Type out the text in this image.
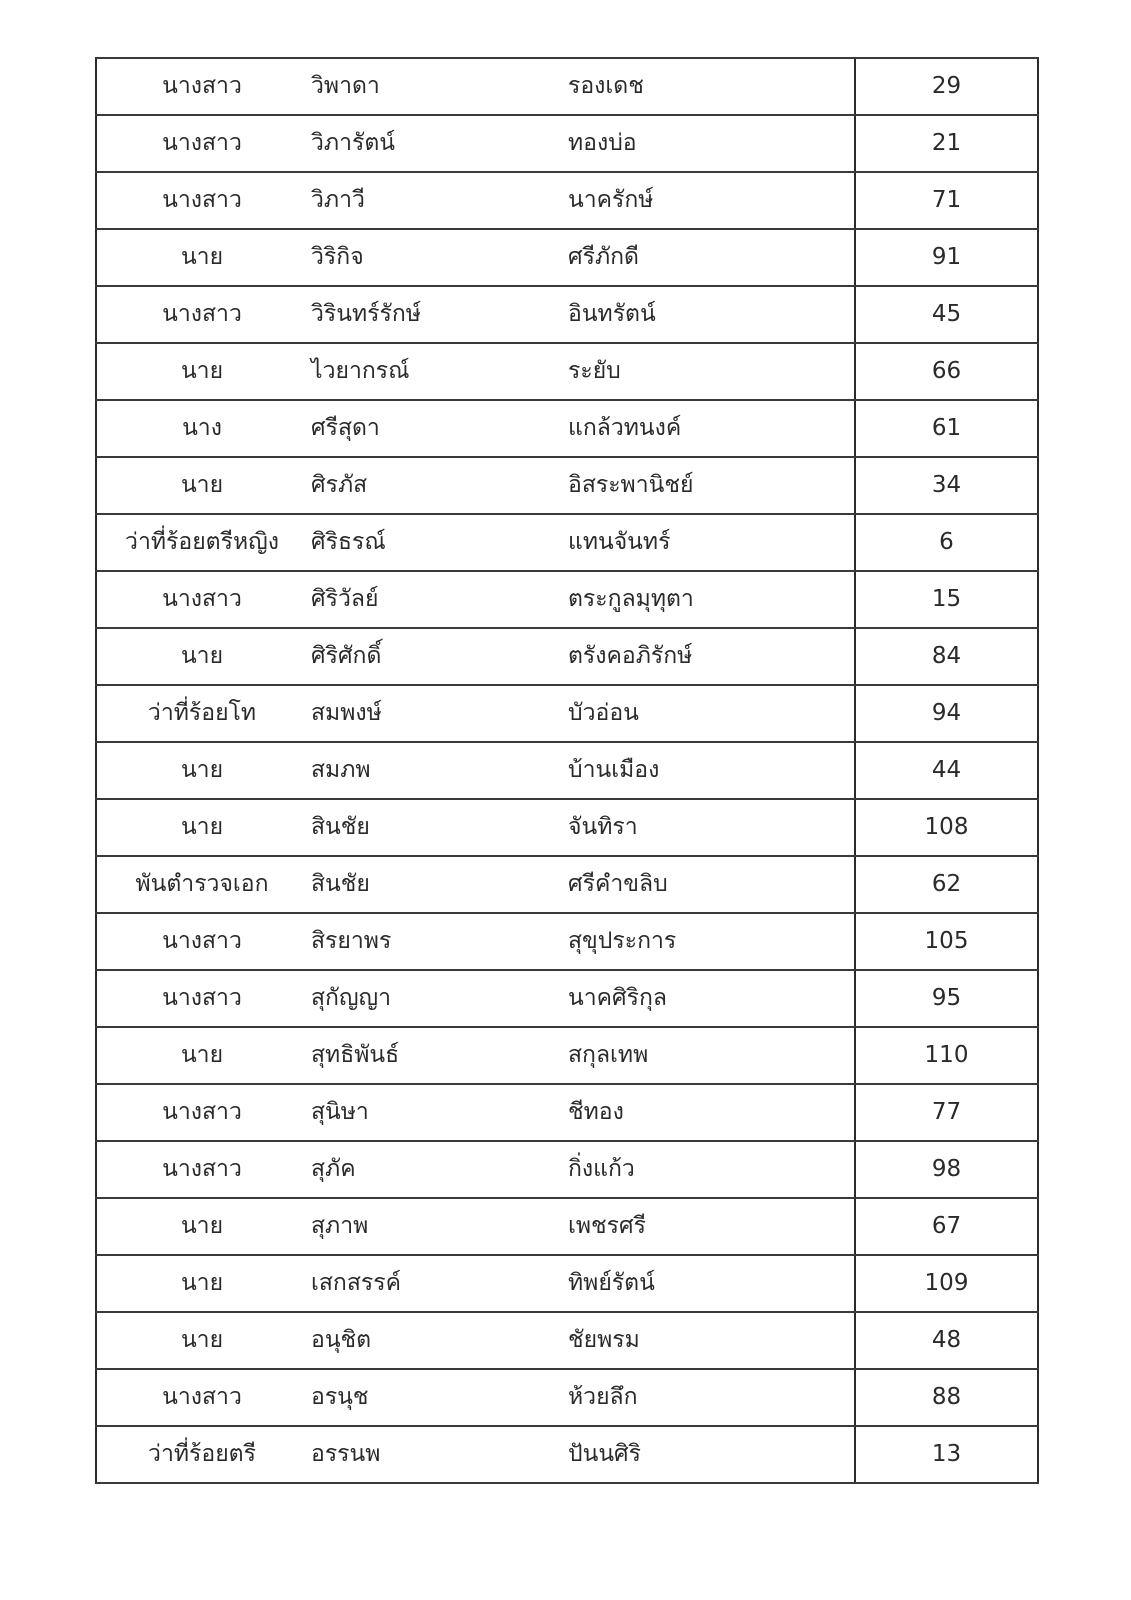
นางสาว	วิพาดา	รองเดช	29
นางสาว	วิภารัตน์	ทองบ่อ	21
นางสาว	วิภาวี	นาครักษ์	71
นาย	วิริกิจ	ศรีภักดี	91
นางสาว	วิรินทร์รักษ์	อินทรัตน์	45
นาย	ไวยากรณ์	ระยับ	66
นาง	ศรีสุดา	แกล้วทนงค์	61
นาย	ศิรภัส	อิสระพานิชย์	34
ว่าที่ร้อยตรีหญิง	ศิริธรณ์	แทนจันทร์	6
นางสาว	ศิริวัลย์	ตระกูลมุทุตา	15
นาย	ศิริศักดิ์	ตรังคอภิรักษ์	84
ว่าที่ร้อยโท	สมพงษ์	บัวอ่อน	94
นาย	สมภพ	บ้านเมือง	44
นาย	สินชัย	จันทิรา	108
พันตำรวจเอก	สินชัย	ศรีคำขลิบ	62
นางสาว	สิรยาพร	สุขุประการ	105
นางสาว	สุกัญญา	นาคศิริกุล	95
นาย	สุทธิพันธ์	สกุลเทพ	110
นางสาว	สุนิษา	ชีทอง	77
นางสาว	สุภัค	กิ่งแก้ว	98
นาย	สุภาพ	เพชรศรี	67
นาย	เสกสรรค์	ทิพย์รัตน์	109
นาย	อนุชิต	ชัยพรม	48
นางสาว	อรนุช	ห้วยลึก	88
ว่าที่ร้อยตรี	อรรนพ	ปันนศิริ	13
